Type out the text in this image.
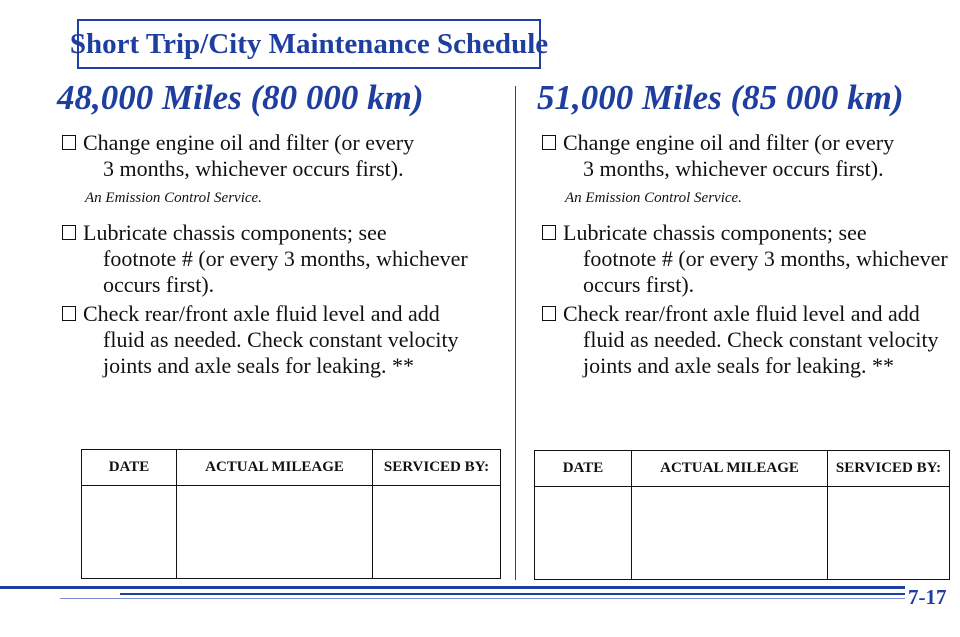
Short Trip/City Maintenance Schedule
48,000 Miles (80 000 km)
Change engine oil and filter (or every
3 months, whichever occurs first).
An Emission Control Service.
Lubricate chassis components; see
footnote # (or every 3 months, whichever
occurs first).
Check rear/front axle fluid level and add
fluid as needed. Check constant velocity
joints and axle seals for leaking. **
51,000 Miles (85 000 km)
Change engine oil and filter (or every
3 months, whichever occurs first).
An Emission Control Service.
Lubricate chassis components; see
footnote # (or every 3 months, whichever
occurs first).
Check rear/front axle fluid level and add
fluid as needed. Check constant velocity
joints and axle seals for leaking. **
DATE	ACTUAL MILEAGE	SERVICED BY:
			DATE	ACTUAL MILEAGE	SERVICED BY:

7-17
